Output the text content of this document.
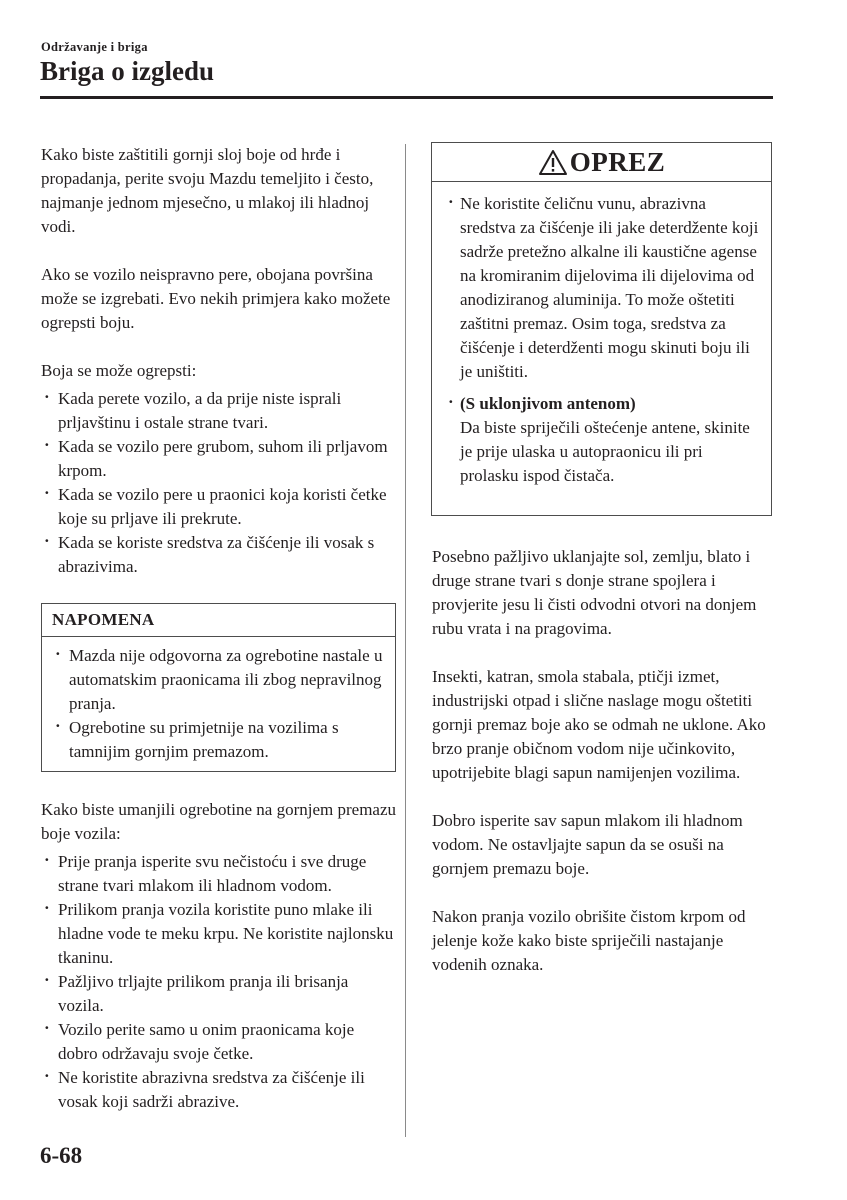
Održavanje i briga
Briga o izgledu

Kako biste zaštitili gornji sloj boje od hrđe i propadanja, perite svoju Mazdu temeljito i često, najmanje jednom mjesečno, u mlakoj ili hladnoj vodi.

Ako se vozilo neispravno pere, obojana površina može se izgrebati. Evo nekih primjera kako možete ogrepsti boju.

Boja se može ogrepsti:

· Kada perete vozilo, a da prije niste isprali prljavštinu i ostale strane tvari.
· Kada se vozilo pere grubom, suhom ili prljavom krpom.
· Kada se vozilo pere u praonici koja koristi četke koje su prljave ili prekrute.
· Kada se koriste sredstva za čišćenje ili vosak s abrazivima.
NAPOMENA
· Mazda nije odgovorna za ogrebotine nastale u automatskim praonicama ili zbog nepravilnog pranja.
· Ogrebotine su primjetnije na vozilima s tamnijim gornjim premazom.

Kako biste umanjili ogrebotine na gornjem premazu boje vozila:

· Prije pranja isperite svu nečistoću i sve druge strane tvari mlakom ili hladnom vodom.
· Prilikom pranja vozila koristite puno mlake ili hladne vode te meku krpu. Ne koristite najlonsku tkaninu.
· Pažljivo trljajte prilikom pranja ili brisanja vozila.
· Vozilo perite samo u onim praonicama koje dobro održavaju svoje četke.
· Ne koristite abrazivna sredstva za čišćenje ili vosak koji sadrži abrazive.
OPREZ
· Ne koristite čeličnu vunu, abrazivna sredstva za čišćenje ili jake deterdžente koji sadrže pretežno alkalne ili kaustične agense na kromiranim dijelovima ili dijelovima od anodiziranog aluminija. To može oštetiti zaštitni premaz. Osim toga, sredstva za čišćenje i deterdženti mogu skinuti boju ili je uništiti.
· (S uklonjivom antenom)
Da biste spriječili oštećenje antene, skinite je prije ulaska u autopraonicu ili pri prolasku ispod čistača.

Posebno pažljivo uklanjajte sol, zemlju, blato i druge strane tvari s donje strane spojlera i provjerite jesu li čisti odvodni otvori na donjem rubu vrata i na pragovima.

Insekti, katran, smola stabala, ptičji izmet, industrijski otpad i slične naslage mogu oštetiti gornji premaz boje ako se odmah ne uklone. Ako brzo pranje običnom vodom nije učinkovito, upotrijebite blagi sapun namijenjen vozilima.

Dobro isperite sav sapun mlakom ili hladnom vodom. Ne ostavljajte sapun da se osuši na gornjem premazu boje.

Nakon pranja vozilo obrišite čistom krpom od jelenje kože kako biste spriječili nastajanje vodenih oznaka.

6-68
